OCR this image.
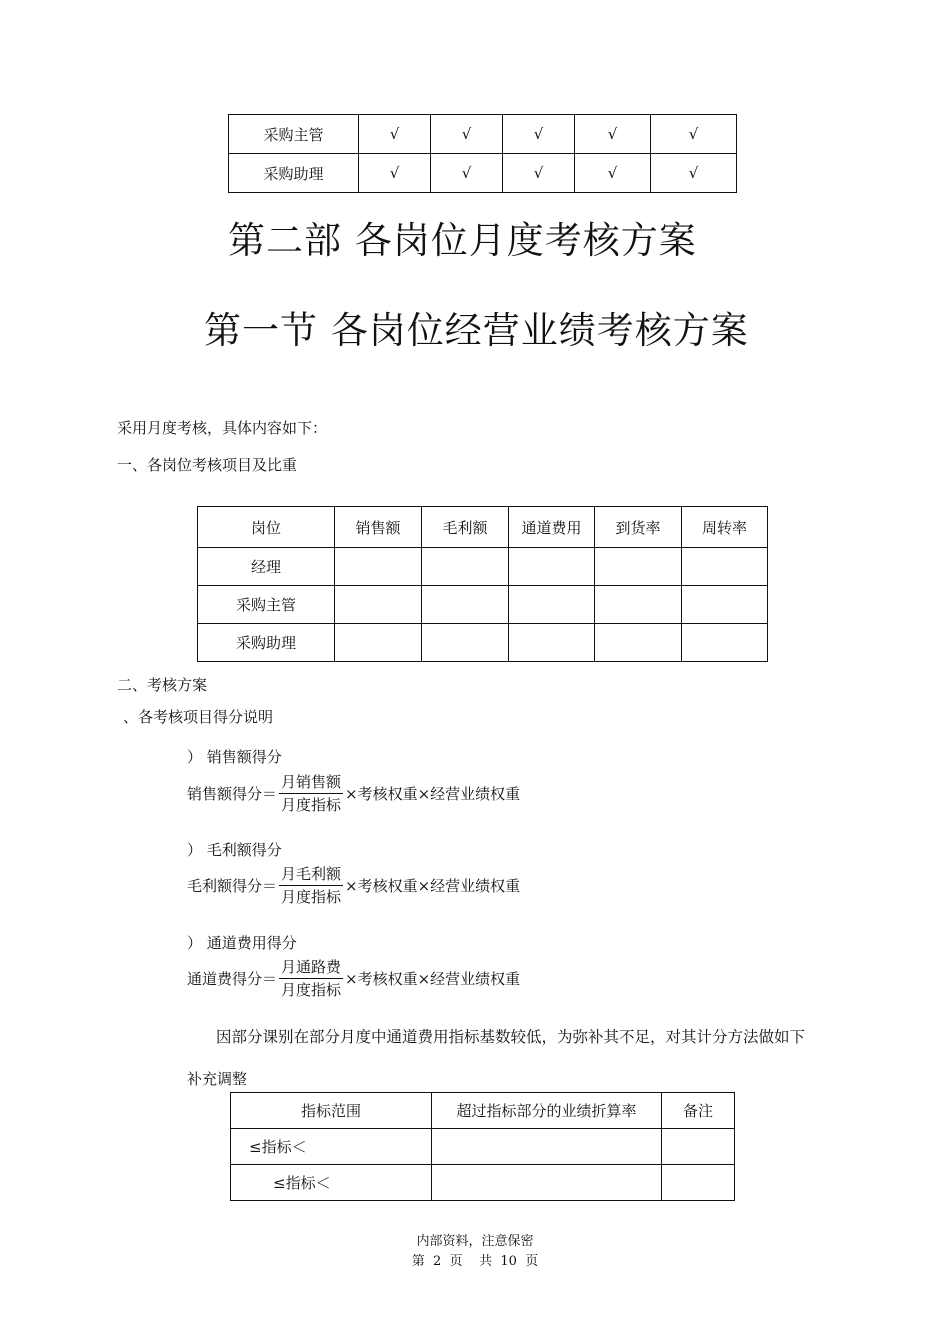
采购主管	√	√	√	√	√
采购助理	√	√	√	√	√
第二部 各岗位月度考核方案
第一节 各岗位经营业绩考核方案
采用月度考核，具体内容如下：
一、各岗位考核项目及比重
岗位	销售额	毛利额	通道费用	到货率	周转率
经理					
采购主管					
采购助理					
二、考核方案
、各考核项目得分说明
） 销售额得分
销售额得分＝ $\frac{\text{月销售额}}{\text{月度指标}}$ ×考核权重×经营业绩权重
） 毛利额得分
毛利额得分＝ $\frac{\text{月毛利额}}{\text{月度指标}}$ ×考核权重×经营业绩权重
） 通道费用得分
通道费得分＝ $\frac{\text{月通路费}}{\text{月度指标}}$ ×考核权重×经营业绩权重
因部分课别在部分月度中通道费用指标基数较低，为弥补其不足，对其计分方法做如下
补充调整
指标范围	超过指标部分的业绩折算率	备注
≤指标＜		
≤指标＜		
内部资料，注意保密
第  2  页    共  10  页
